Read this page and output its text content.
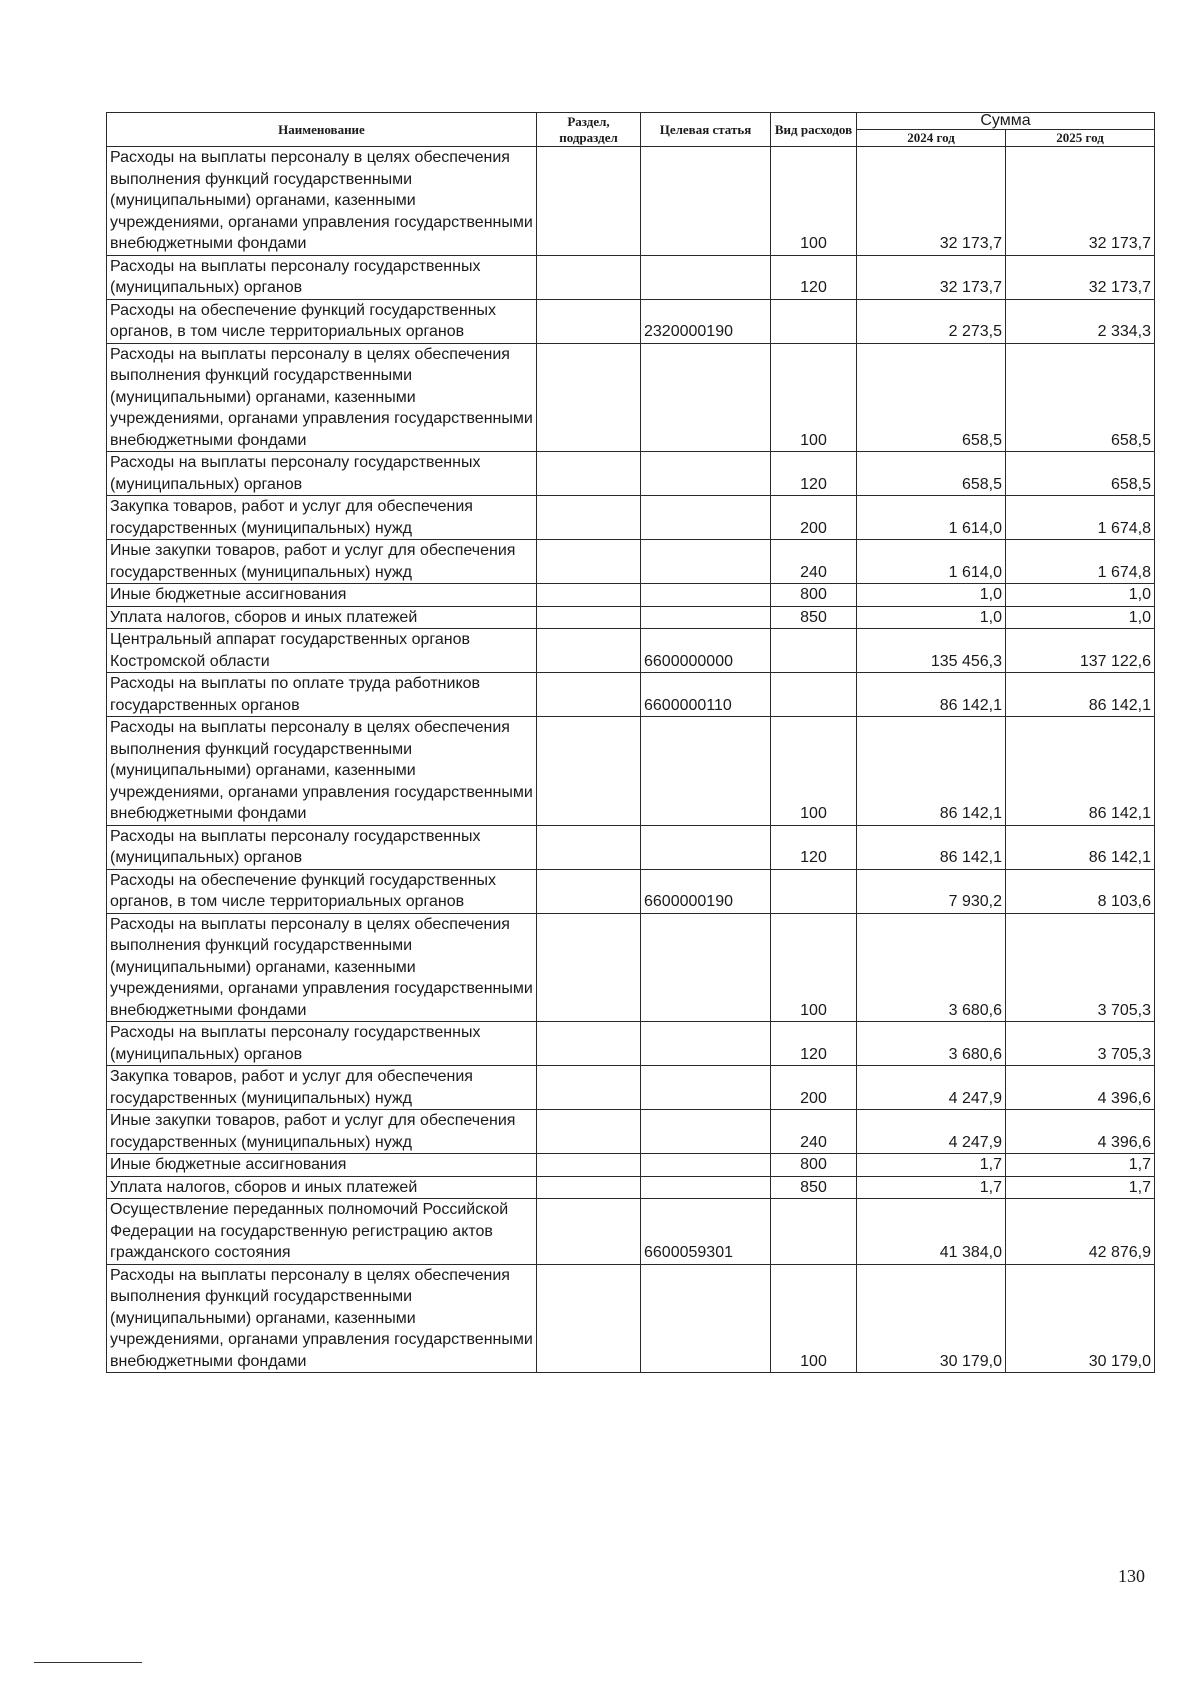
Наименование	Раздел, подраздел	Целевая статья	Вид расходов	Сумма	
				2024 год	2025 год
Расходы на выплаты персоналу в целях обеспечения выполнения функций государственными (муниципальными) органами, казенными учреждениями, органами управления государственными внебюджетными фондами			100	32 173,7	32 173,7
Расходы на выплаты персоналу государственных (муниципальных) органов			120	32 173,7	32 173,7
Расходы на обеспечение функций государственных органов, в том числе территориальных органов		2320000190		2 273,5	2 334,3
Расходы на выплаты персоналу в целях обеспечения выполнения функций государственными (муниципальными) органами, казенными учреждениями, органами управления государственными внебюджетными фондами			100	658,5	658,5
Расходы на выплаты персоналу государственных (муниципальных) органов			120	658,5	658,5
Закупка товаров, работ и услуг для обеспечения государственных (муниципальных) нужд			200	1 614,0	1 674,8
Иные закупки товаров, работ и услуг для обеспечения государственных (муниципальных) нужд			240	1 614,0	1 674,8
Иные бюджетные ассигнования			800	1,0	1,0
Уплата налогов, сборов и иных платежей			850	1,0	1,0
Центральный аппарат государственных органов Костромской области		6600000000		135 456,3	137 122,6
Расходы на выплаты по оплате труда работников государственных органов		6600000110		86 142,1	86 142,1
Расходы на выплаты персоналу в целях обеспечения выполнения функций государственными (муниципальными) органами, казенными учреждениями, органами управления государственными внебюджетными фондами			100	86 142,1	86 142,1
Расходы на выплаты персоналу государственных (муниципальных) органов			120	86 142,1	86 142,1
Расходы на обеспечение функций государственных органов, в том числе территориальных органов		6600000190		7 930,2	8 103,6
Расходы на выплаты персоналу в целях обеспечения выполнения функций государственными (муниципальными) органами, казенными учреждениями, органами управления государственными внебюджетными фондами			100	3 680,6	3 705,3
Расходы на выплаты персоналу государственных (муниципальных) органов			120	3 680,6	3 705,3
Закупка товаров, работ и услуг для обеспечения государственных (муниципальных) нужд			200	4 247,9	4 396,6
Иные закупки товаров, работ и услуг для обеспечения государственных (муниципальных) нужд			240	4 247,9	4 396,6
Иные бюджетные ассигнования			800	1,7	1,7
Уплата налогов, сборов и иных платежей			850	1,7	1,7
Осуществление переданных полномочий Российской Федерации на государственную регистрацию актов гражданского состояния		6600059301		41 384,0	42 876,9
Расходы на выплаты персоналу в целях обеспечения выполнения функций государственными (муниципальными) органами, казенными учреждениями, органами управления государственными внебюджетными фондами			100	30 179,0	30 179,0
130
